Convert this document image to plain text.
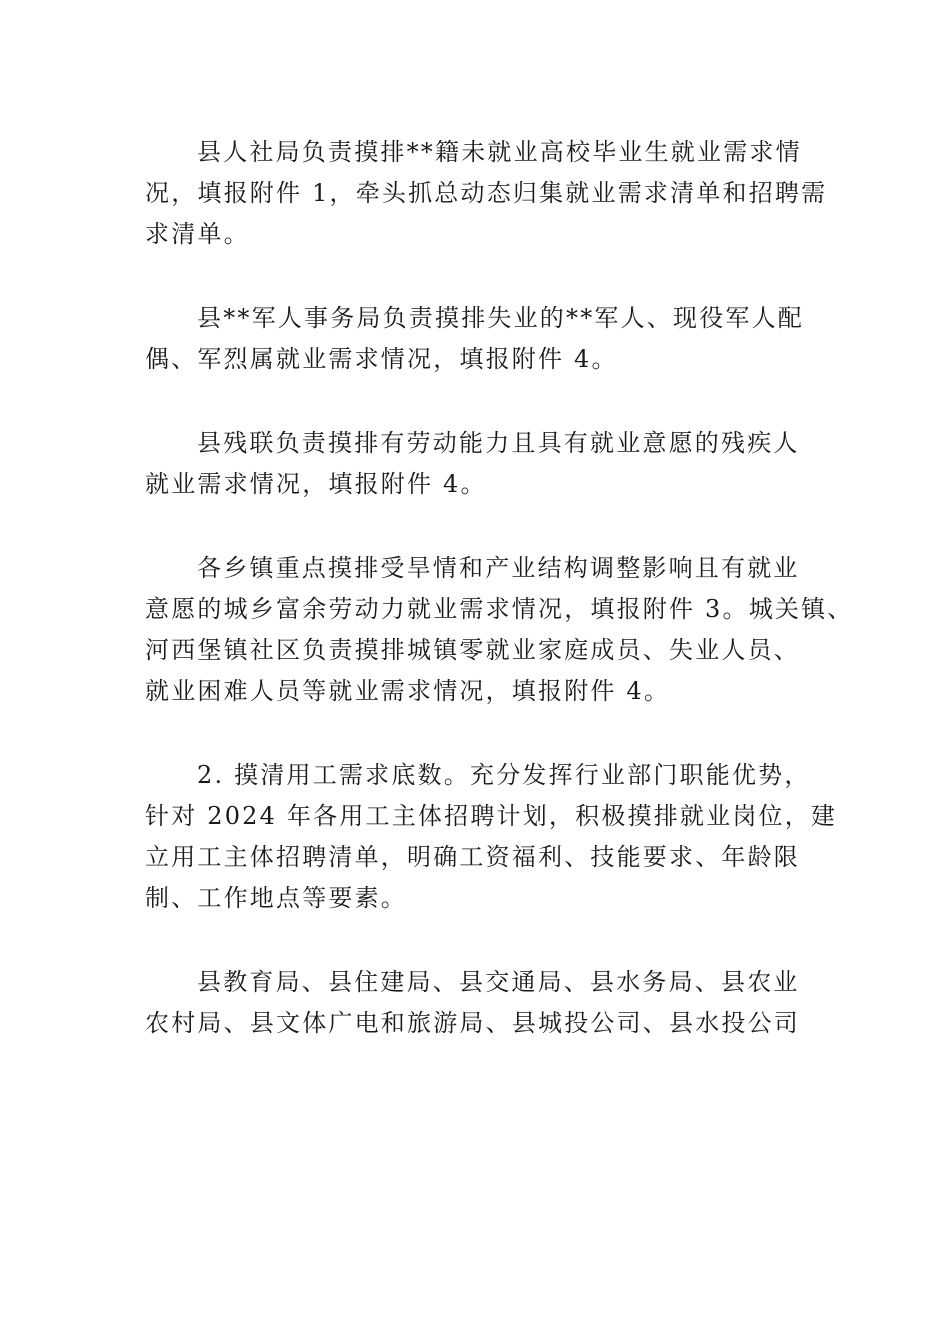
县人社局负责摸排**籍未就业高校毕业生就业需求情
况，填报附件 1，牵头抓总动态归集就业需求清单和招聘需
求清单。
县**军人事务局负责摸排失业的**军人、现役军人配
偶、军烈属就业需求情况，填报附件 4。
县残联负责摸排有劳动能力且具有就业意愿的残疾人
就业需求情况，填报附件 4。
各乡镇重点摸排受旱情和产业结构调整影响且有就业
意愿的城乡富余劳动力就业需求情况，填报附件 3。城关镇、
河西堡镇社区负责摸排城镇零就业家庭成员、失业人员、
就业困难人员等就业需求情况，填报附件 4。
2. 摸清用工需求底数。充分发挥行业部门职能优势，
针对 2024 年各用工主体招聘计划，积极摸排就业岗位，建
立用工主体招聘清单，明确工资福利、技能要求、年龄限
制、工作地点等要素。
县教育局、县住建局、县交通局、县水务局、县农业
农村局、县文体广电和旅游局、县城投公司、县水投公司
